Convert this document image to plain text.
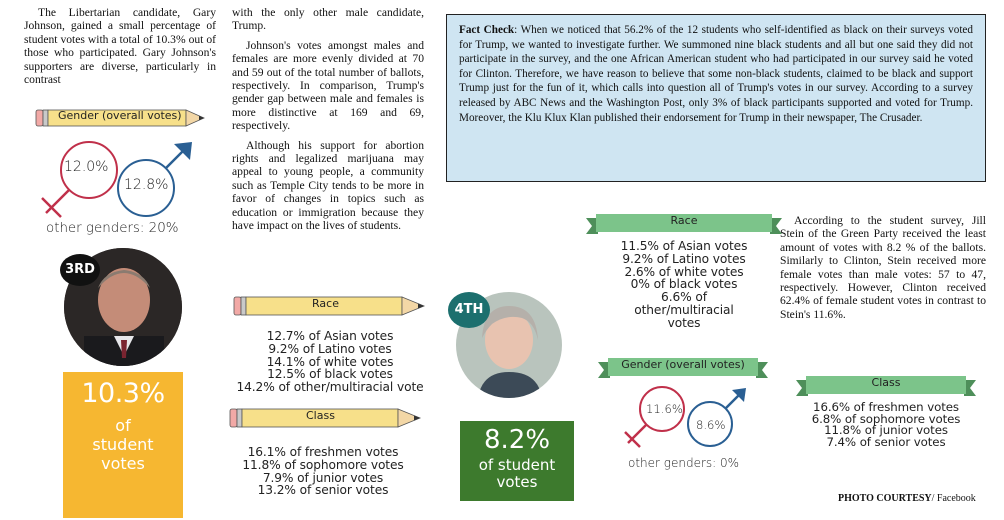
The Libertarian candidate, Gary Johnson, gained a small percentage of student votes with a total of 10.3% out of those who participated. Gary Johnson's supporters are diverse, particularly in contrast

Gender (overall votes)
12.0%
12.8%
other genders: 20%
3RD
10.3%
of student votes

with the only other male candidate, Trump.

Johnson's votes amongst males and females are more evenly divided at 70 and 59 out of the total number of ballots, respectively. In comparison, Trump's gender gap between male and females is more distinctive at 169 and 69, respectively.

Although his support for abortion rights and legalized marijuana may appeal to young people, a community such as Temple City tends to be more in favor of changes in topics such as education or immigration because they have impact on the lives of students.

Race
12.7% of Asian votes
9.2% of Latino votes
14.1% of white votes
12.5% of black votes
14.2% of other/multiracial vote
Class
16.1% of freshmen votes
11.8% of sophomore votes
7.9% of junior votes
13.2% of senior votes
Fact Check: When we noticed that 56.2% of the 12 students who self-identified as black on their surveys voted for Trump, we wanted to investigate further. We summoned nine black students and all but one said they did not participate in the survey, and the one African American student who had participated in our survey said he voted for Clinton. Therefore, we have reason to believe that some non-black students, claimed to be black and support Trump just for the fun of it, which calls into question all of Trump's votes in our survey. According to a survey released by ABC News and the Washington Post, only 3% of black participants supported and voted for Trump. Moreover, the Klu Klux Klan published their endorsement for Trump in their newspaper, The Crusader.
4TH
8.2%
of student votes
Race
11.5% of Asian votes
9.2% of Latino votes
2.6% of white votes
0% of black votes
6.6% of other/multiracial votes
Gender (overall votes)
11.6%
8.6%
other genders: 0%

According to the student survey, Jill Stein of the Green Party received the least amount of votes with 8.2 % of the ballots. Similarly to Clinton, Stein received more female votes than male votes: 57 to 47, respectively. However, Clinton received 62.4% of female student votes in contrast to Stein's 11.6%.

Class
16.6% of freshmen votes
6.8% of sophomore votes
11.8% of junior votes
7.4% of senior votes
PHOTO COURTESY/ Facebook
